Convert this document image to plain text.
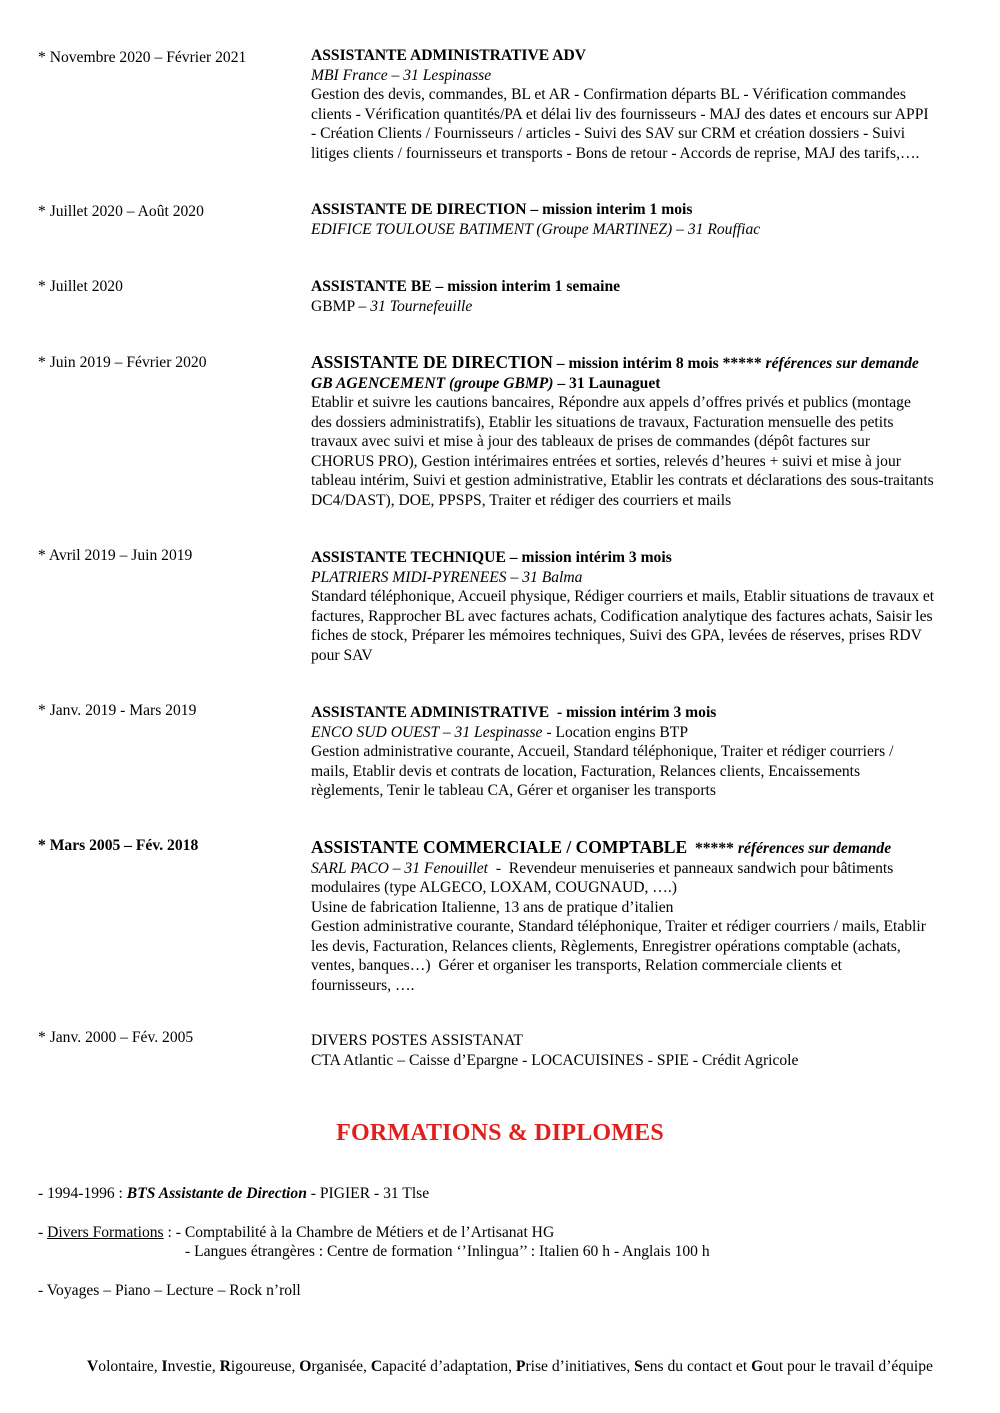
* Novembre 2020 – Février 2021	ASSISTANTE ADMINISTRATIVE ADV
MBI France – 31 Lespinasse
Gestion des devis, commandes, BL et AR - Confirmation départs BL - Vérification commandes
clients - Vérification quantités/PA et délai liv des fournisseurs - MAJ des dates et encours sur APPI
- Création Clients / Fournisseurs / articles - Suivi des SAV sur CRM et création dossiers - Suivi
litiges clients / fournisseurs et transports - Bons de retour - Accords de reprise, MAJ des tarifs,….
* Juillet 2020 – Août 2020	ASSISTANTE DE DIRECTION – mission interim 1 mois
EDIFICE TOULOUSE BATIMENT (Groupe MARTINEZ) – 31 Rouffiac
* Juillet 2020	ASSISTANTE BE – mission interim 1 semaine
GBMP – 31 Tournefeuille
* Juin 2019 – Février 2020	ASSISTANTE DE DIRECTION – mission intérim 8 mois ***** références sur demande
GB AGENCEMENT (groupe GBMP) – 31 Launaguet
Etablir et suivre les cautions bancaires, Répondre aux appels d’offres privés et publics (montage
des dossiers administratifs), Etablir les situations de travaux, Facturation mensuelle des petits
travaux avec suivi et mise à jour des tableaux de prises de commandes (dépôt factures sur
CHORUS PRO), Gestion intérimaires entrées et sorties, relevés d’heures + suivi et mise à jour
tableau intérim, Suivi et gestion administrative, Etablir les contrats et déclarations des sous-traitants
DC4/DAST), DOE, PPSPS, Traiter et rédiger des courriers et mails
* Avril 2019 – Juin 2019	ASSISTANTE TECHNIQUE – mission intérim 3 mois
PLATRIERS MIDI-PYRENEES – 31 Balma
Standard téléphonique, Accueil physique, Rédiger courriers et mails, Etablir situations de travaux et
factures, Rapprocher BL avec factures achats, Codification analytique des factures achats, Saisir les
fiches de stock, Préparer les mémoires techniques, Suivi des GPA, levées de réserves, prises RDV
pour SAV
* Janv. 2019 - Mars 2019	ASSISTANTE ADMINISTRATIVE  - mission intérim 3 mois
ENCO SUD OUEST – 31 Lespinasse - Location engins BTP
Gestion administrative courante, Accueil, Standard téléphonique, Traiter et rédiger courriers /
mails, Etablir devis et contrats de location, Facturation, Relances clients, Encaissements
règlements, Tenir le tableau CA, Gérer et organiser les transports
* Mars 2005 – Fév. 2018	ASSISTANTE COMMERCIALE / COMPTABLE  ***** références sur demande
SARL PACO – 31 Fenouillet  -  Revendeur menuiseries et panneaux sandwich pour bâtiments
modulaires (type ALGECO, LOXAM, COUGNAUD, ….)
Usine de fabrication Italienne, 13 ans de pratique d’italien
Gestion administrative courante, Standard téléphonique, Traiter et rédiger courriers / mails, Etablir
les devis, Facturation, Relances clients, Règlements, Enregistrer opérations comptable (achats,
ventes, banques…)  Gérer et organiser les transports, Relation commerciale clients et
fournisseurs, ….
* Janv. 2000 – Fév. 2005	DIVERS POSTES ASSISTANAT
CTA Atlantic – Caisse d’Epargne - LOCACUISINES - SPIE - Crédit Agricole
FORMATIONS & DIPLOMES
- 1994-1996 : BTS Assistante de Direction - PIGIER - 31 Tlse
- Divers Formations : - Comptabilité à la Chambre de Métiers et de l’Artisanat HG
- Langues étrangères : Centre de formation ‘’Inlingua’’ : Italien 60 h - Anglais 100 h
- Voyages – Piano – Lecture – Rock n’roll
Volontaire, Investie, Rigoureuse, Organisée, Capacité d’adaptation, Prise d’initiatives, Sens du contact et Gout pour le travail d’équipe
